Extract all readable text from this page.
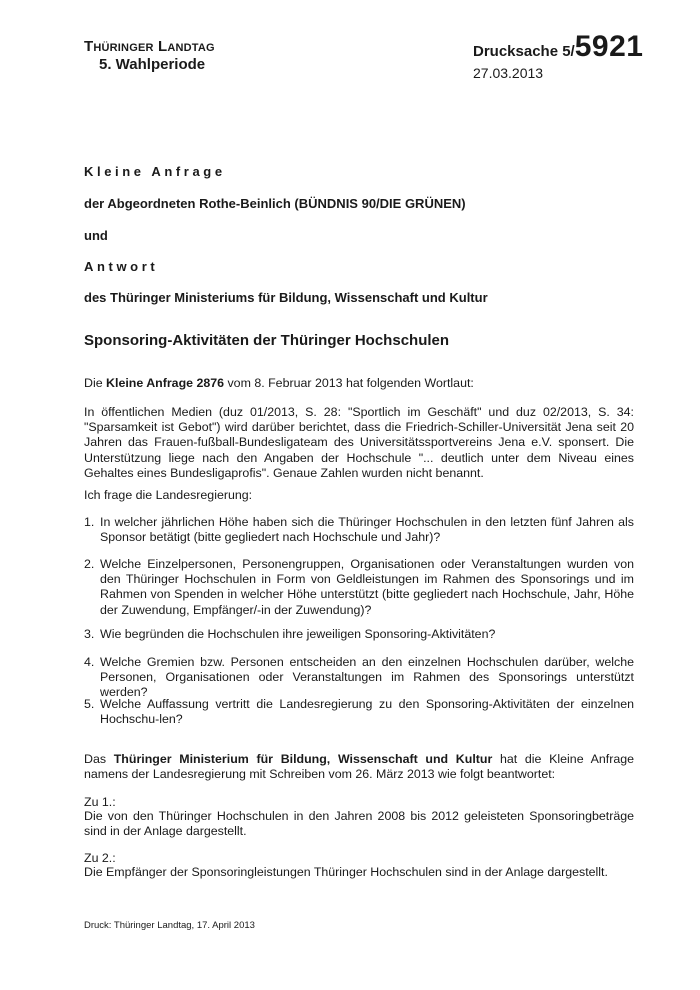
Thüringer Landtag
5. Wahlperiode
Drucksache 5/5921
27.03.2013
Kleine Anfrage
der Abgeordneten Rothe-Beinlich (BÜNDNIS 90/DIE GRÜNEN)
und
Antwort
des Thüringer Ministeriums für Bildung, Wissenschaft und Kultur
Sponsoring-Aktivitäten der Thüringer Hochschulen
Die Kleine Anfrage 2876 vom 8. Februar 2013 hat folgenden Wortlaut:
In öffentlichen Medien (duz 01/2013, S. 28: "Sportlich im Geschäft" und duz 02/2013, S. 34: "Sparsamkeit ist Gebot") wird darüber berichtet, dass die Friedrich-Schiller-Universität Jena seit 20 Jahren das Frauen-fußball-Bundesligateam des Universitätssportvereins Jena e.V. sponsert. Die Unterstützung liege nach den Angaben der Hochschule "... deutlich unter dem Niveau eines Gehaltes eines Bundesligaprofis". Genaue Zahlen wurden nicht benannt.
Ich frage die Landesregierung:
1. In welcher jährlichen Höhe haben sich die Thüringer Hochschulen in den letzten fünf Jahren als Sponsor betätigt (bitte gegliedert nach Hochschule und Jahr)?
2. Welche Einzelpersonen, Personengruppen, Organisationen oder Veranstaltungen wurden von den Thüringer Hochschulen in Form von Geldleistungen im Rahmen des Sponsorings und im Rahmen von Spenden in welcher Höhe unterstützt (bitte gegliedert nach Hochschule, Jahr, Höhe der Zuwendung, Empfänger/-in der Zuwendung)?
3. Wie begründen die Hochschulen ihre jeweiligen Sponsoring-Aktivitäten?
4. Welche Gremien bzw. Personen entscheiden an den einzelnen Hochschulen darüber, welche Personen, Organisationen oder Veranstaltungen im Rahmen des Sponsorings unterstützt werden?
5. Welche Auffassung vertritt die Landesregierung zu den Sponsoring-Aktivitäten der einzelnen Hochschu-len?
Das Thüringer Ministerium für Bildung, Wissenschaft und Kultur hat die Kleine Anfrage namens der Landesregierung mit Schreiben vom 26. März 2013 wie folgt beantwortet:
Zu 1.:
Die von den Thüringer Hochschulen in den Jahren 2008 bis 2012 geleisteten Sponsoringbeträge sind in der Anlage dargestellt.
Zu 2.:
Die Empfänger der Sponsoringleistungen Thüringer Hochschulen sind in der Anlage dargestellt.
Druck: Thüringer Landtag, 17. April 2013
